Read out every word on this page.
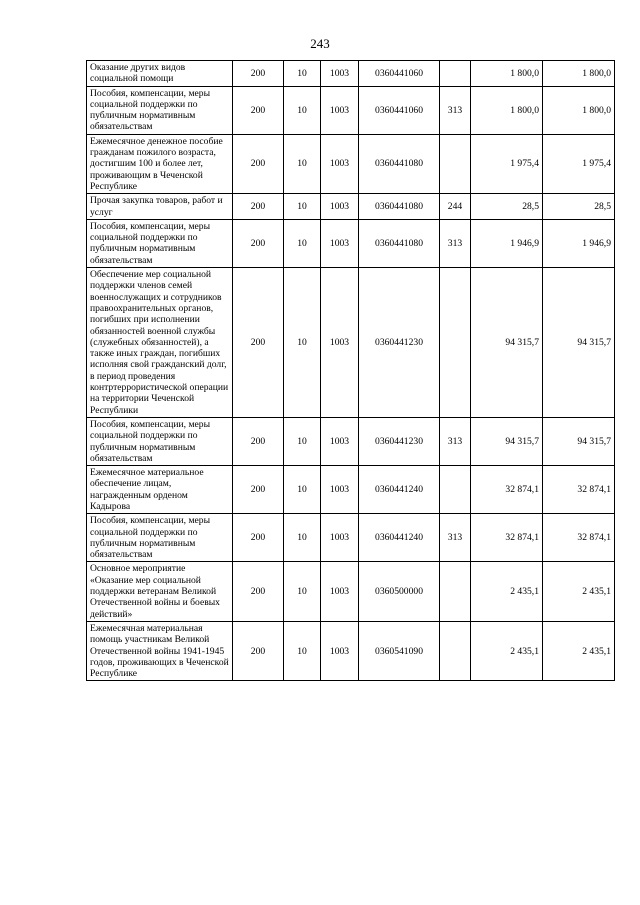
243
Оказание других видов социальной помощи	200	10	1003	0360441060		1 800,0	1 800,0
Пособия, компенсации, меры социальной поддержки по публичным нормативным обязательствам	200	10	1003	0360441060	313	1 800,0	1 800,0
Ежемесячное денежное пособие гражданам пожилого возраста, достигшим 100 и более лет, проживающим в Чеченской Республике	200	10	1003	0360441080		1 975,4	1 975,4
Прочая закупка товаров, работ и услуг	200	10	1003	0360441080	244	28,5	28,5
Пособия, компенсации, меры социальной поддержки по публичным нормативным обязательствам	200	10	1003	0360441080	313	1 946,9	1 946,9
Обеспечение мер социальной поддержки членов семей военнослужащих и сотрудников правоохранительных органов, погибших при исполнении обязанностей военной службы (служебных обязанностей), а также иных граждан, погибших исполняя свой гражданский долг, в период проведения контртеррористической операции на территории Чеченской Республики	200	10	1003	0360441230		94 315,7	94 315,7
Пособия, компенсации, меры социальной поддержки по публичным нормативным обязательствам	200	10	1003	0360441230	313	94 315,7	94 315,7
Ежемесячное материальное обеспечение лицам, награжденным орденом Кадырова	200	10	1003	0360441240		32 874,1	32 874,1
Пособия, компенсации, меры социальной поддержки по публичным нормативным обязательствам	200	10	1003	0360441240	313	32 874,1	32 874,1
Основное мероприятие «Оказание мер социальной поддержки ветеранам Великой Отечественной войны и боевых действий»	200	10	1003	0360500000		2 435,1	2 435,1
Ежемесячная материальная помощь участникам Великой Отечественной войны 1941-1945 годов, проживающих в Чеченской Республике	200	10	1003	0360541090		2 435,1	2 435,1
